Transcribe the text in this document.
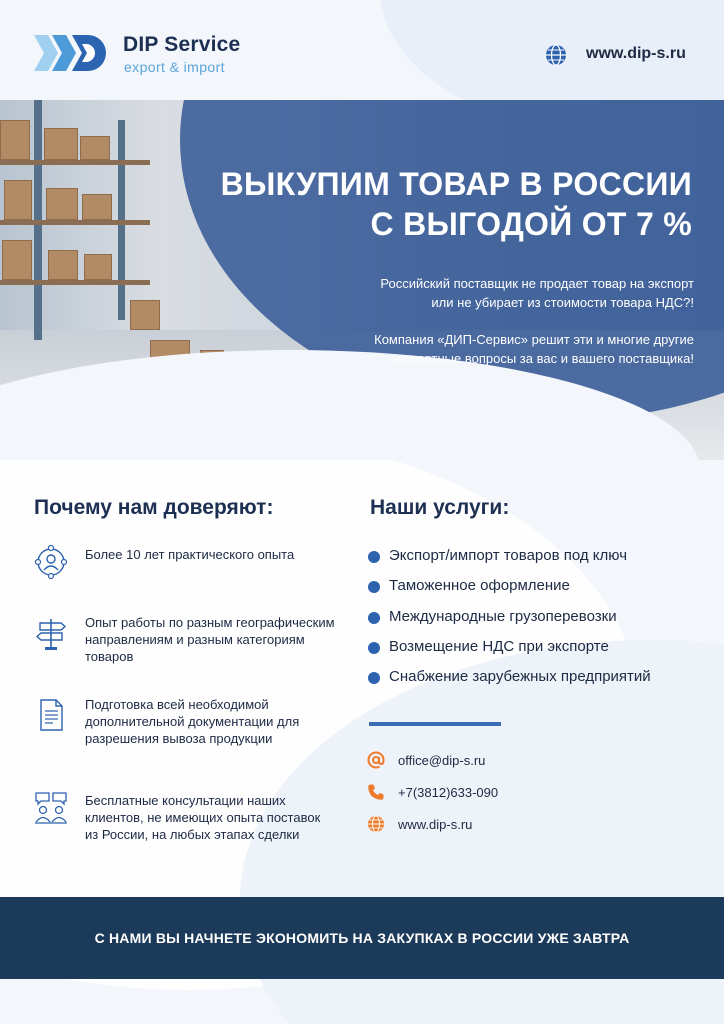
DIP Service
export & import
www.dip-s.ru
ВЫКУПИМ ТОВАР В РОССИИ
С ВЫГОДОЙ ОТ 7 %
Российский поставщик не продает товар на экспорт
или не убирает из стоимости товара НДС?!
Компания «ДИП-Сервис» решит эти и многие другие
экспортные вопросы за вас и вашего поставщика!
Почему нам доверяют:
Более 10 лет практического опыта
Опыт работы по разным географическим направлениям и разным категориям товаров
Подготовка всей необходимой дополнительной документации для разрешения вывоза продукции
Бесплатные консультации наших клиентов, не имеющих опыта поставок из России, на любых этапах сделки
Наши услуги:
Экспорт/импорт товаров под ключ
Таможенное оформление
Международные грузоперевозки
Возмещение НДС при экспорте
Снабжение зарубежных предприятий
office@dip-s.ru
+7(3812)633-090
www.dip-s.ru
С НАМИ ВЫ НАЧНЕТЕ ЭКОНОМИТЬ НА ЗАКУПКАХ В РОССИИ УЖЕ ЗАВТРА
